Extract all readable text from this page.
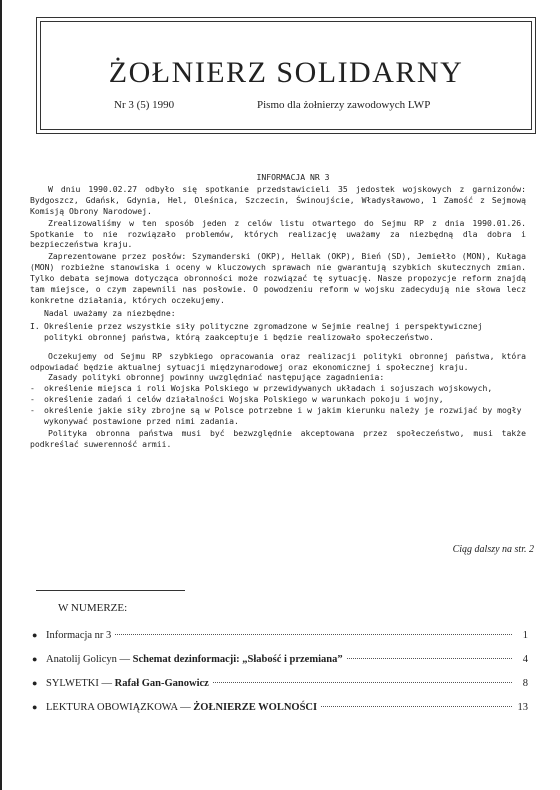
ŻOŁNIERZ SOLIDARNY
Nr 3 (5) 1990	Pismo dla żołnierzy zawodowych LWP
INFORMACJA NR 3
W dniu 1990.02.27 odbyło się spotkanie przedstawicieli 35 jedostek wojskowych z garnizonów: Bydgoszcz, Gdańsk, Gdynia, Hel, Oleśnica, Szczecin, Świnoujście, Władysławowo, 1 Zamość z Sejmową Komisją Obrony Narodowej.
Zrealizowaliśmy w ten sposób jeden z celów listu otwartego do Sejmu RP z dnia 1990.01.26. Spotkanie to nie rozwiązało problemów, których realizację uważamy za niezbędną dla dobra i bezpieczeństwa kraju.
Zaprezentowane przez posłów: Szymanderski (OKP), Hellak (OKP), Bień (SD), Jemiełło (MON), Kułaga (MON) rozbieżne stanowiska i oceny w kluczowych sprawach nie gwarantują szybkich skutecznych zmian. Tylko debata sejmowa dotycząca obronności może rozwiązać tę sytuację. Nasze propozycje reform znajdą tam miejsce, o czym zapewnili nas posłowie. O powodzeniu reform w wojsku zadecydują nie słowa lecz konkretne działania, których oczekujemy.
Nadal uważamy za niezbędne:
I. Określenie przez wszystkie siły polityczne zgromadzone w Sejmie realnej i perspektywicznej polityki obronnej państwa, którą zaakceptuje i będzie realizowało społeczeństwo.
Oczekujemy od Sejmu RP szybkiego opracowania oraz realizacji polityki obronnej państwa, która odpowiadać będzie aktualnej sytuacji międzynarodowej oraz ekonomicznej i społecznej kraju.
Zasady polityki obronnej powinny uwzględniać następujące zagadnienia:
- określenie miejsca i roli Wojska Polskiego w przewidywanych układach i sojuszach wojskowych,
- określenie zadań i celów działalności Wojska Polskiego w warunkach pokoju i wojny,
- określenie jakie siły zbrojne są w Polsce potrzebne i w jakim kierunku należy je rozwijać by mogły wykonywać postawione przed nimi zadania.
Polityka obronna państwa musi być bezwzględnie akceptowana przez społeczeństwo, musi także podkreślać suwerenność armii.
Ciąg dalszy na str. 2
W NUMERZE:
● Informacja nr 3	1
● Anatolij Golicyn — Schemat dezinformacji: „Słabość i przemiana”	4
● SYLWETKI — Rafał Gan-Ganowicz	8
● LEKTURA OBOWIĄZKOWA — ŻOŁNIERZE WOLNOŚCI	13
